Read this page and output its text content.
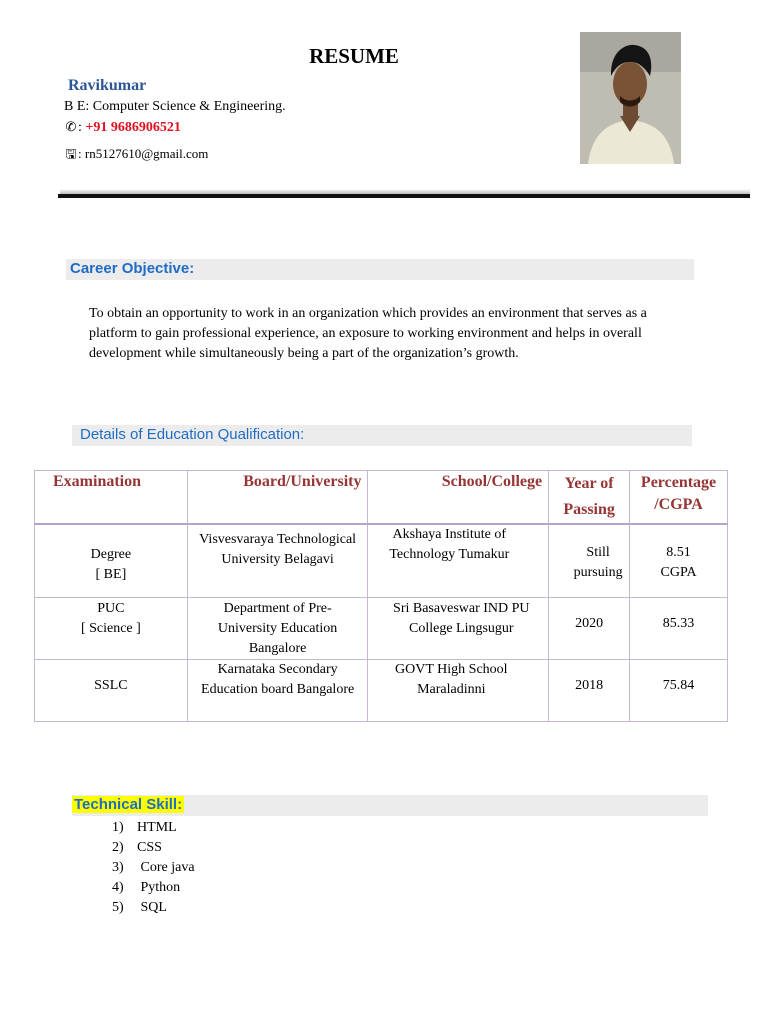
RESUME
Ravikumar
B E: Computer Science & Engineering.
✆ : +91 9686906521
🖫: rn5127610@gmail.com
Career Objective:
To obtain an opportunity to work in an organization which provides an environment that serves as a platform to gain professional experience, an exposure to working environment and helps in overall development while simultaneously being a part of the organization’s growth.
Details of Education Qualification:
Examination	Board/University	School/College	Year of Passing	Percentage /CGPA
Degree
[ BE]	Visvesvaraya Technological University Belagavi	Akshaya Institute of Technology Tumakur	Still pursuing	8.51 CGPA
PUC
[ Science ]	Department of Pre-University Education Bangalore	Sri Basaveswar IND PU College Lingsugur	2020	85.33
SSLC	Karnataka Secondary Education board Bangalore	GOVT High School Maraladinni	2018	75.84
Technical Skill:
1) HTML
2) CSS
3) Core java
4) Python
5) SQL
